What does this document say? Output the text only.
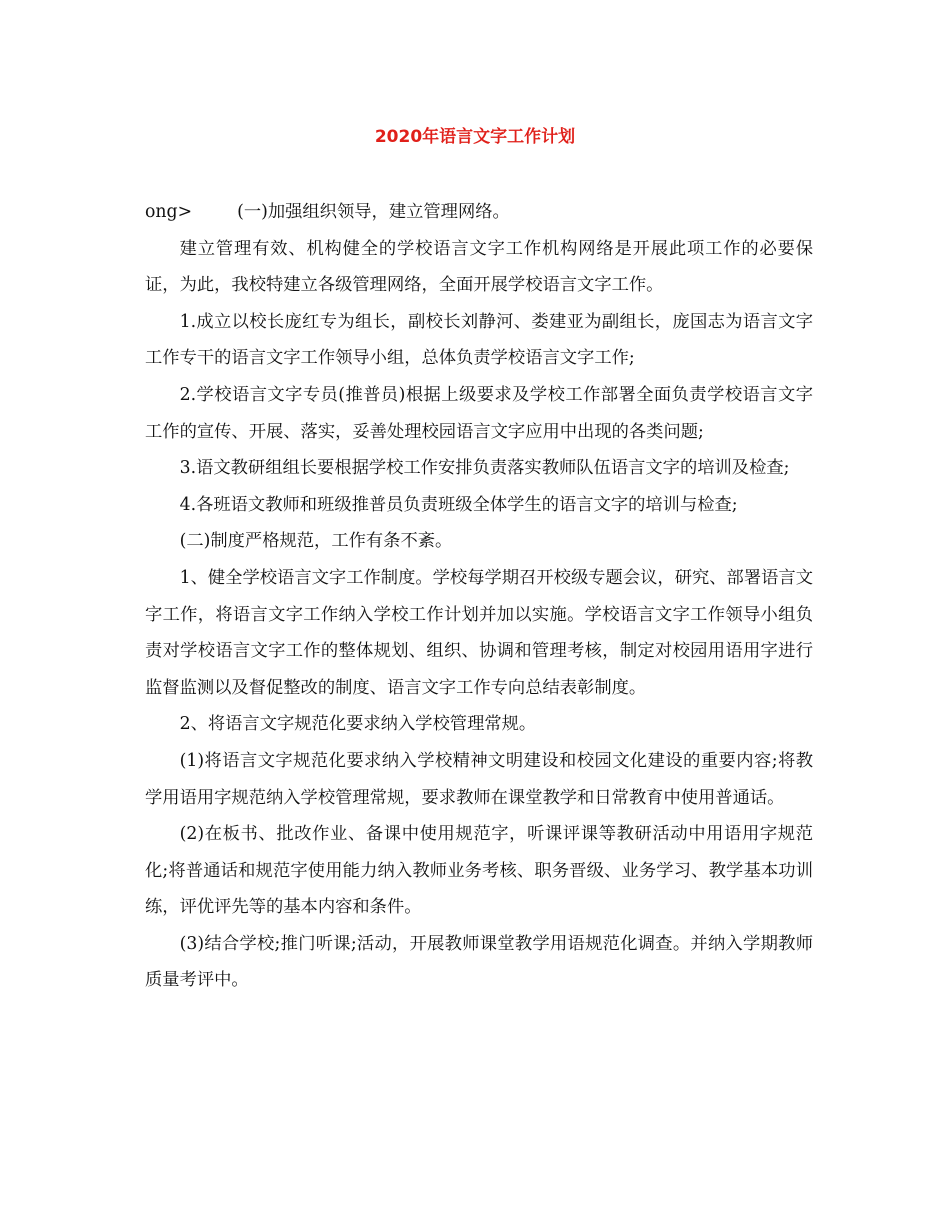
2020年语言文字工作计划

ong>	(一)加强组织领导，建立管理网络。

建立管理有效、机构健全的学校语言文字工作机构网络是开展此项工作的必要保证，为此，我校特建立各级管理网络，全面开展学校语言文字工作。

1.成立以校长庞红专为组长，副校长刘静河、娄建亚为副组长，庞国志为语言文字工作专干的语言文字工作领导小组，总体负责学校语言文字工作;

2.学校语言文字专员(推普员)根据上级要求及学校工作部署全面负责学校语言文字工作的宣传、开展、落实，妥善处理校园语言文字应用中出现的各类问题;

3.语文教研组组长要根据学校工作安排负责落实教师队伍语言文字的培训及检查;

4.各班语文教师和班级推普员负责班级全体学生的语言文字的培训与检查;

(二)制度严格规范，工作有条不紊。

1、健全学校语言文字工作制度。学校每学期召开校级专题会议，研究、部署语言文字工作，将语言文字工作纳入学校工作计划并加以实施。学校语言文字工作领导小组负责对学校语言文字工作的整体规划、组织、协调和管理考核，制定对校园用语用字进行监督监测以及督促整改的制度、语言文字工作专向总结表彰制度。

2、将语言文字规范化要求纳入学校管理常规。

(1)将语言文字规范化要求纳入学校精神文明建设和校园文化建设的重要内容;将教学用语用字规范纳入学校管理常规，要求教师在课堂教学和日常教育中使用普通话。

(2)在板书、批改作业、备课中使用规范字，听课评课等教研活动中用语用字规范化;将普通话和规范字使用能力纳入教师业务考核、职务晋级、业务学习、教学基本功训练，评优评先等的基本内容和条件。

(3)结合学校;推门听课;活动，开展教师课堂教学用语规范化调查。并纳入学期教师质量考评中。
